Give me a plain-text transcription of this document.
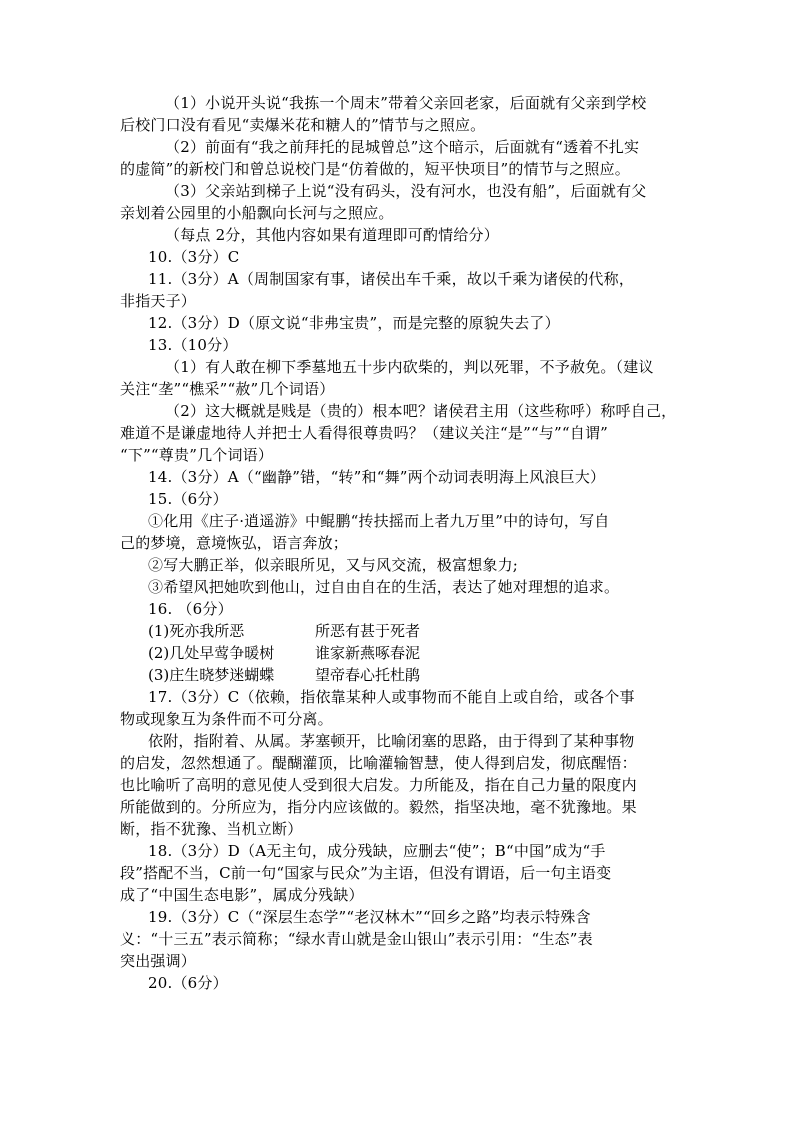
（1）小说开头说“我拣一个周末”带着父亲回老家，后面就有父亲到学校
后校门口没有看见“卖爆米花和糖人的”情节与之照应。
（2）前面有“我之前拜托的昆城曾总”这个暗示，后面就有“透着不扎实
的虚简”的新校门和曾总说校门是“仿着做的，短平快项目”的情节与之照应。
（3）父亲站到梯子上说“没有码头，没有河水，也没有船”，后面就有父
亲划着公园里的小船飘向长河与之照应。
（每点 2分，其他内容如果有道理即可酌情给分）
10.（3分）C
11.（3分）A（周制国家有事，诸侯出车千乘，故以千乘为诸侯的代称，
非指天子）
12.（3分）D（原文说“非弗宝贵”，而是完整的原貌失去了）
13.（10分）
（1）有人敢在柳下季墓地五十步内砍柴的，判以死罪，不予赦免。（建议
关注“垄”“樵采”“赦”几个词语）
（2）这大概就是贱是（贵的）根本吧？诸侯君主用（这些称呼）称呼自己，
难道不是谦虚地待人并把士人看得很尊贵吗？（建议关注“是”“与”“自谓”
“下”“尊贵”几个词语）
14.（3分）A（“幽静”错，“转”和“舞”两个动词表明海上风浪巨大）
15.（6分）
①化用《庄子·逍遥游》中鲲鹏“抟扶摇而上者九万里”中的诗句，写自
己的梦境，意境恢弘，语言奔放；
②写大鹏正举，似亲眼所见，又与风交流，极富想象力;
③希望风把她吹到他山，过自由自在的生活，表达了她对理想的追求。
16. （6分）
(1)死亦我所恶	所恶有甚于死者
(2)几处早莺争暖树	谁家新燕啄春泥
(3)庄生晓梦迷蝴蝶	望帝春心托杜鹃
17.（3分）C（依赖，指依靠某种人或事物而不能自上或自给，或各个事
物或现象互为条件而不可分离。
依附，指附着、从属。茅塞顿开，比喻闭塞的思路，由于得到了某种事物
的启发，忽然想通了。醍醐灌顶，比喻灌输智慧，使人得到启发，彻底醒悟：
也比喻听了高明的意见使人受到很大启发。力所能及，指在自己力量的限度内
所能做到的。分所应为，指分内应该做的。毅然，指坚决地，毫不犹豫地。果
断，指不犹豫、当机立断）
18.（3分）D（A无主句，成分残缺，应删去“使”；B“中国”成为“手
段”搭配不当，C前一句“国家与民众”为主语，但没有谓语，后一句主语变
成了“中国生态电影”，属成分残缺）
19.（3分）C（“深层生态学”“老汉林木”“回乡之路”均表示特殊含
义：“十三五”表示简称；“绿水青山就是金山银山”表示引用：“生态”表
突出强调）
20.（6分）
